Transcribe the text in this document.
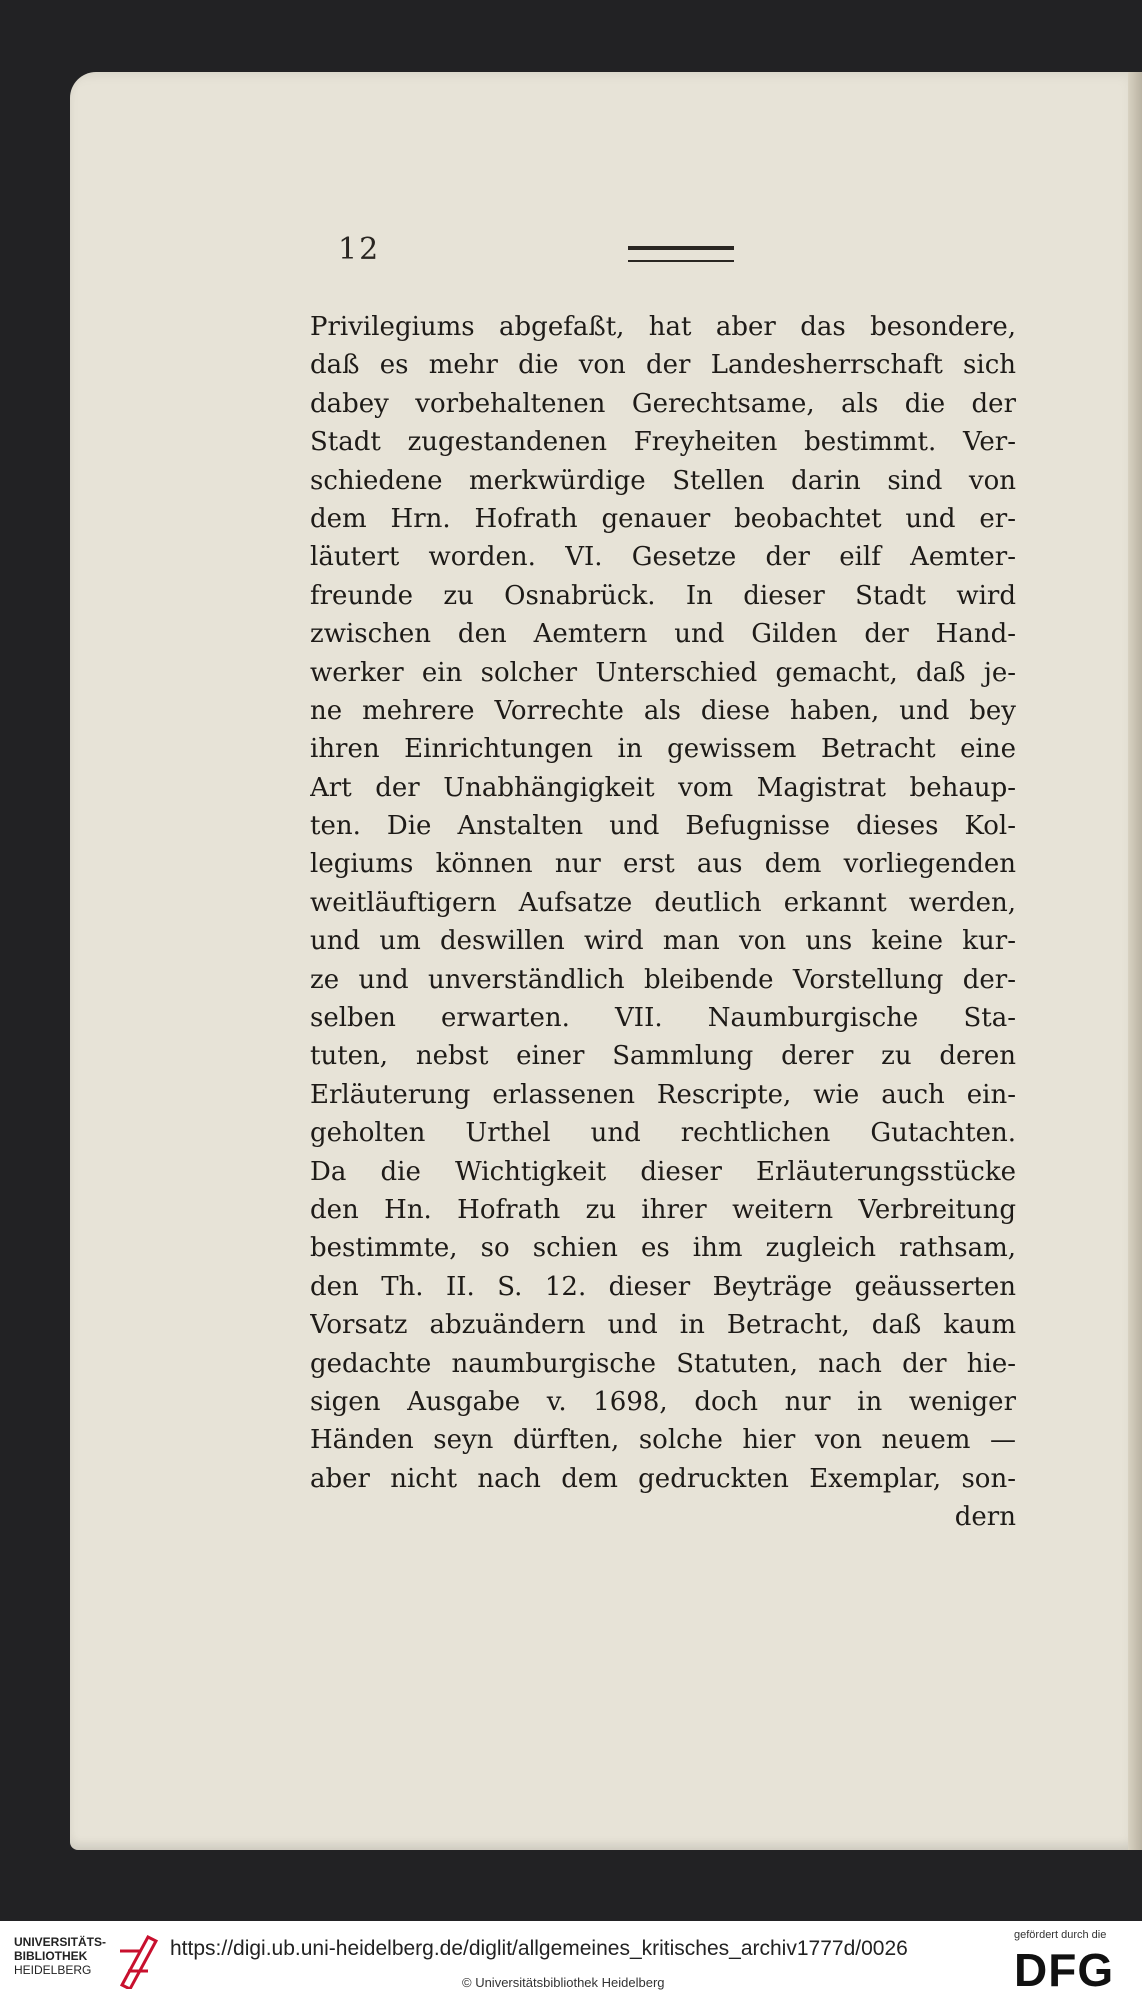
12
Privilegiums abgefaßt, hat aber das besondere,
daß es mehr die von der Landesherrschaft sich
dabey vorbehaltenen Gerechtsame, als die der
Stadt zugestandenen Freyheiten bestimmt. Ver-
schiedene merkwürdige Stellen darin sind von
dem Hrn. Hofrath genauer beobachtet und er-
läutert worden. VI. Gesetze der eilf Aemter-
freunde zu Osnabrück. In dieser Stadt wird
zwischen den Aemtern und Gilden der Hand-
werker ein solcher Unterschied gemacht, daß je-
ne mehrere Vorrechte als diese haben, und bey
ihren Einrichtungen in gewissem Betracht eine
Art der Unabhängigkeit vom Magistrat behaup-
ten. Die Anstalten und Befugnisse dieses Kol-
legiums können nur erst aus dem vorliegenden
weitläuftigern Aufsatze deutlich erkannt werden,
und um deswillen wird man von uns keine kur-
ze und unverständlich bleibende Vorstellung der-
selben erwarten. VII. Naumburgische Sta-
tuten, nebst einer Sammlung derer zu deren
Erläuterung erlassenen Rescripte, wie auch ein-
geholten Urthel und rechtlichen Gutachten.
Da die Wichtigkeit dieser Erläuterungsstücke
den Hn. Hofrath zu ihrer weitern Verbreitung
bestimmte, so schien es ihm zugleich rathsam,
den Th. II. S. 12. dieser Beyträge geäusserten
Vorsatz abzuändern und in Betracht, daß kaum
gedachte naumburgische Statuten, nach der hie-
sigen Ausgabe v. 1698, doch nur in weniger
Händen seyn dürften, solche hier von neuem —
aber nicht nach dem gedruckten Exemplar, son-
dern
UNIVERSITÄTS-
BIBLIOTHEK
HEIDELBERG
https://digi.ub.uni-heidelberg.de/diglit/allgemeines_kritisches_archiv1777d/0026
© Universitätsbibliothek Heidelberg
gefördert durch die
DFG
